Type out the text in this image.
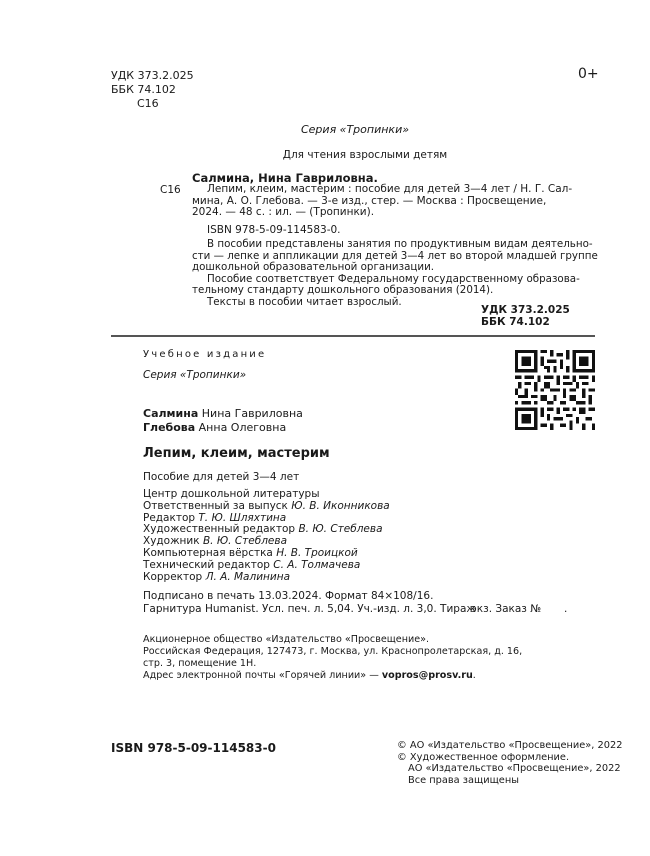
УДК 373.2.025
ББК 74.102
С16
0+
Серия «Тропинки»
Для чтения взрослыми детям
Салмина, Нина Гавриловна.
С16	Лепим, клеим, мастерим : пособие для детей 3—4 лет / Н. Г. Сал-
мина, А. О. Глебова. — 3-е изд., стер. — Москва : Просвещение,
2024. — 48 с. : ил. — (Тропинки).
ISBN 978-5-09-114583-0.
В пособии представлены занятия по продуктивным видам деятельно-
сти — лепке и аппликации для детей 3—4 лет во второй младшей группе
дошкольной образовательной организации.
Пособие соответствует Федеральному государственному образова-
тельному стандарту дошкольного образования (2014).
Тексты в пособии читает взрослый.
УДК 373.2.025
ББК 74.102
Учебное издание
Серия «Тропинки»
Салмина Нина Гавриловна
Глебова Анна Олеговна
Лепим, клеим, мастерим
Пособие для детей 3—4 лет
Центр дошкольной литературы
Ответственный за выпуск Ю. В. Иконникова
Редактор Т. Ю. Шляхтина
Художественный редактор В. Ю. Стеблева
Художник В. Ю. Стеблева
Компьютерная вёрстка Н. В. Троицкой
Технический редактор С. А. Толмачева
Корректор Л. А. Малинина
Подписано в печать 13.03.2024. Формат 84×108/16.
Гарнитура Humanist. Усл. печ. л. 5,04. Уч.-изд. л. 3,0. Тираж
экз. Заказ № .
Акционерное общество «Издательство «Просвещение».
Российская Федерация, 127473, г. Москва, ул. Краснопролетарская, д. 16,
стр. 3, помещение 1Н.
Адрес электронной почты «Горячей линии» — vopros@prosv.ru.
ISBN 978-5-09-114583-0	© АО «Издательство «Просвещение», 2022
© Художественное оформление.
АО «Издательство «Просвещение», 2022
Все права защищены
